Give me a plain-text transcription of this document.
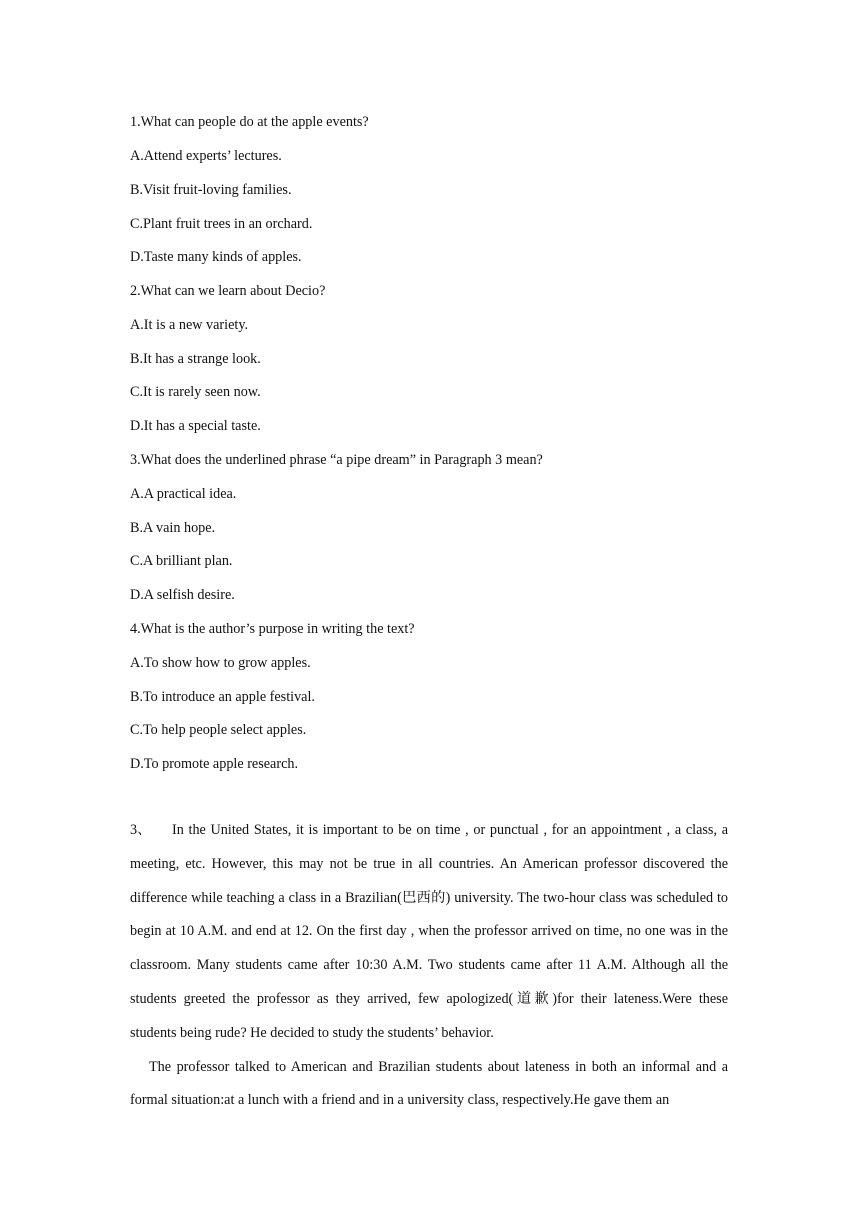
1.What can people do at the apple events?
A.Attend experts’ lectures.
B.Visit fruit-loving families.
C.Plant fruit trees in an orchard.
D.Taste many kinds of apples.
2.What can we learn about Decio?
A.It is a new variety.
B.It has a strange look.
C.It is rarely seen now.
D.It has a special taste.
3.What does the underlined phrase “a pipe dream” in Paragraph 3 mean?
A.A practical idea.
B.A vain hope.
C.A brilliant plan.
D.A selfish desire.
4.What is the author’s purpose in writing the text?
A.To show how to grow apples.
B.To introduce an apple festival.
C.To help people select apples.
D.To promote apple research.

3、 In the United States, it is important to be on time , or punctual , for an appointment , a class, a meeting, etc. However, this may not be true in all countries. An American professor discovered the difference while teaching a class in a Brazilian(巴西的) university. The two-hour class was scheduled to begin at 10 A.M. and end at 12. On the first day , when the professor arrived on time, no one was in the classroom. Many students came after 10:30 A.M. Two students came after 11 A.M. Although all the students greeted the professor as they arrived, few apologized(道歉)for their lateness.Were these students being rude? He decided to study the students’ behavior.

The professor talked to American and Brazilian students about lateness in both an informal and a formal situation:at a lunch with a friend and in a university class, respectively.He gave them an
